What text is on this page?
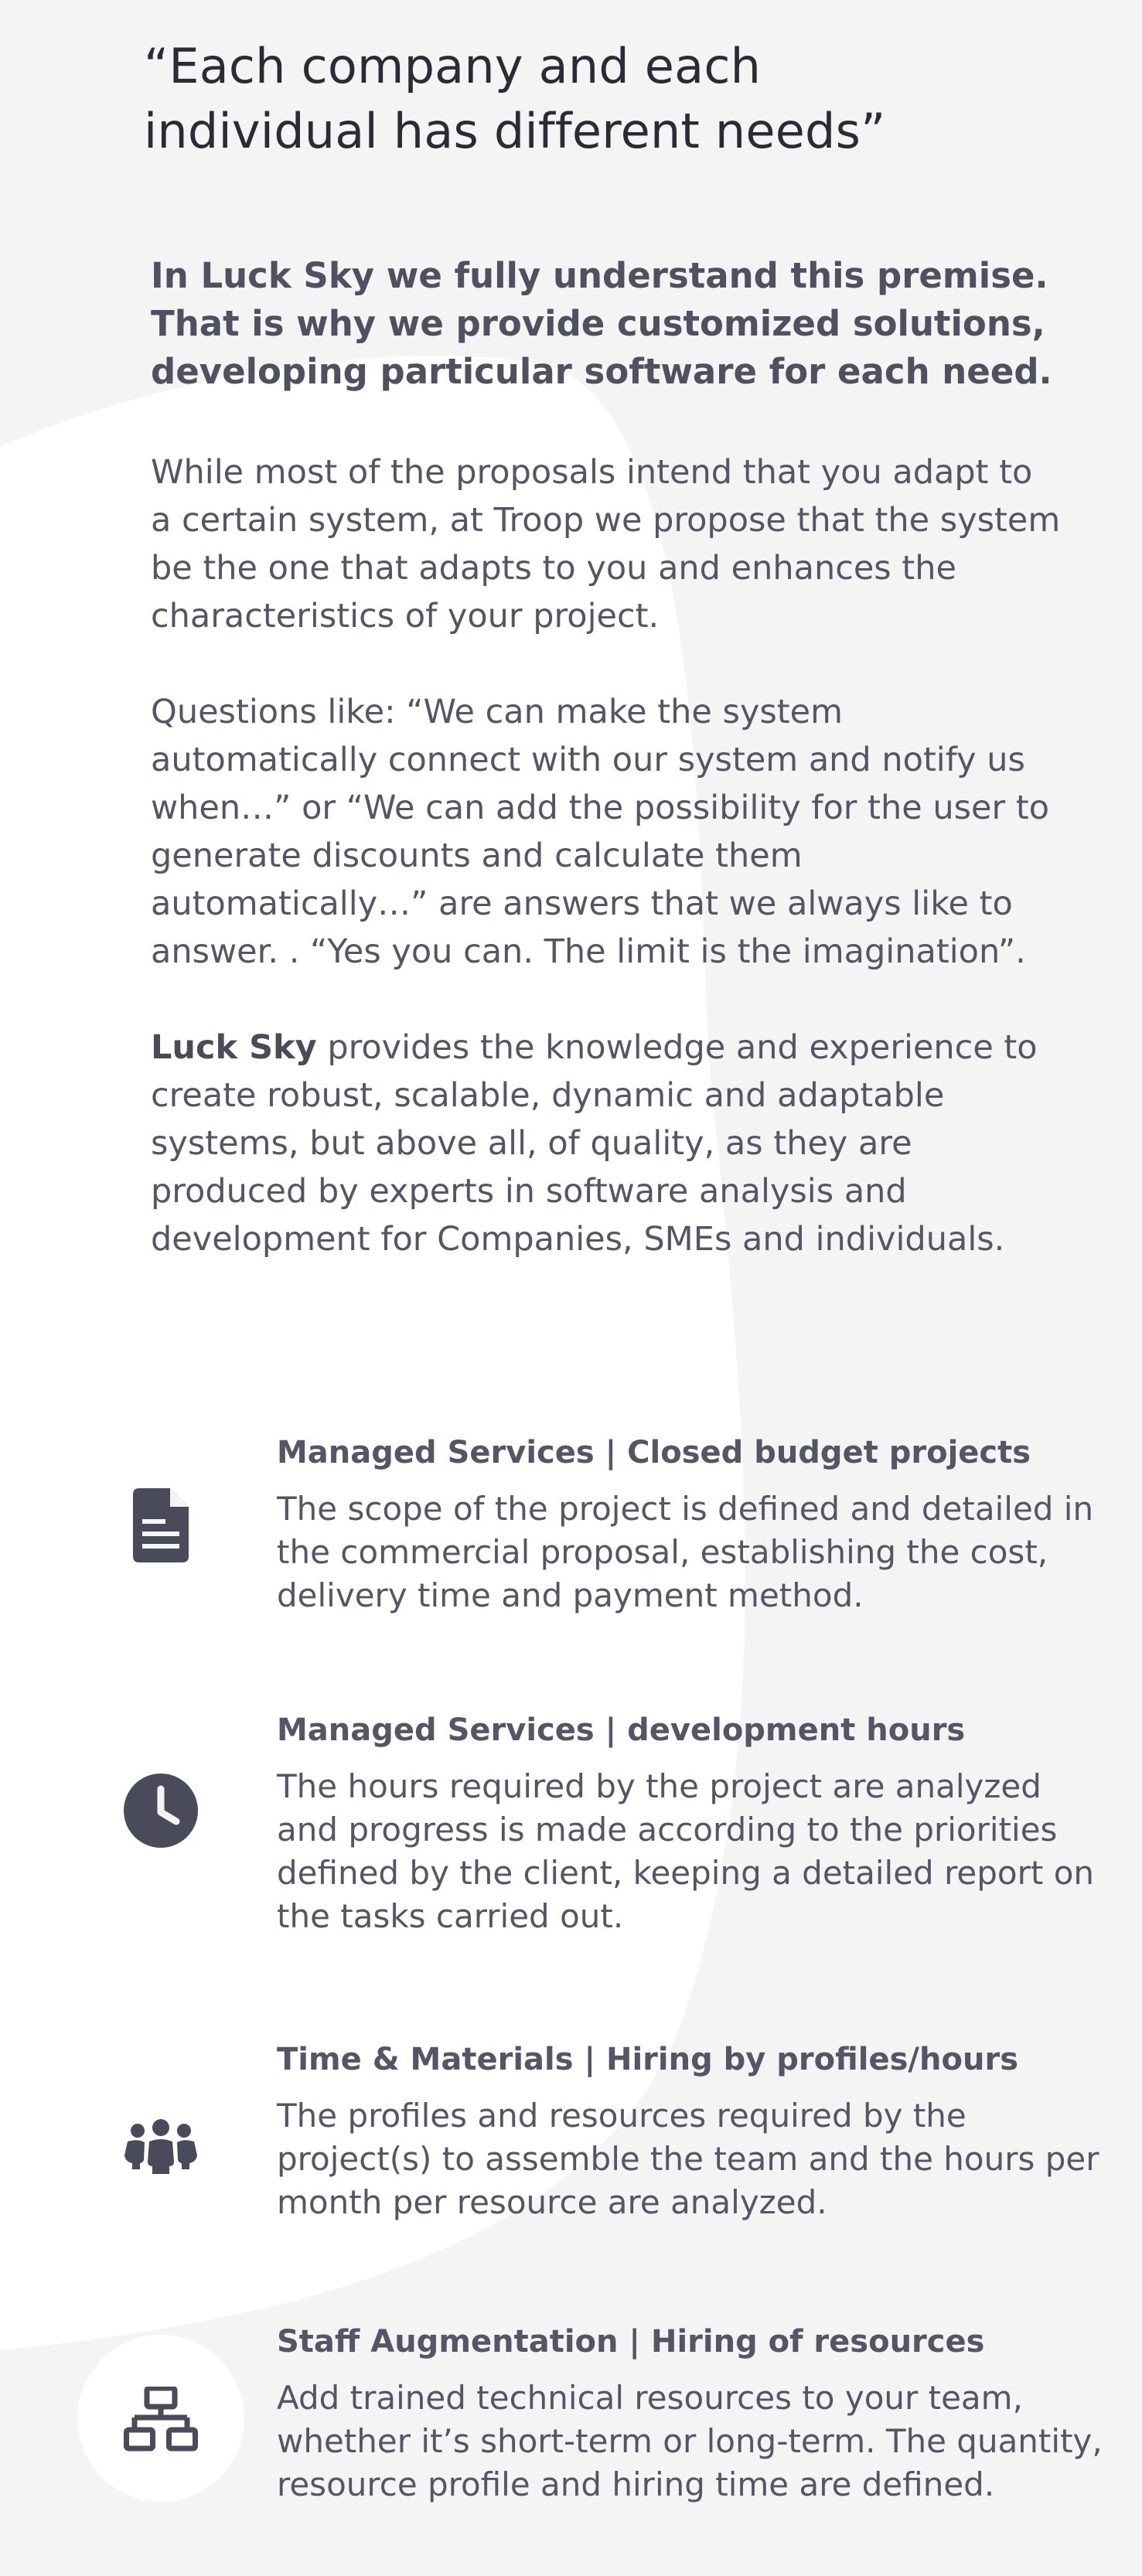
“Each company and each individual has different needs”

In Luck Sky we fully understand this premise. That is why we provide customized solutions, developing particular software for each need.

While most of the proposals intend that you adapt to a certain system, at Troop we propose that the system be the one that adapts to you and enhances the characteristics of your project.

Questions like: “We can make the system automatically connect with our system and notify us when…” or “We can add the possibility for the user to generate discounts and calculate them automatically…” are answers that we always like to answer. . “Yes you can. The limit is the imagination”.

Luck Sky provides the knowledge and experience to create robust, scalable, dynamic and adaptable systems, but above all, of quality, as they are produced by experts in software analysis and development for Companies, SMEs and individuals.

Managed Services | Closed budget projects

The scope of the project is defined and detailed in the commercial proposal, establishing the cost, delivery time and payment method.

Managed Services | development hours

The hours required by the project are analyzed and progress is made according to the priorities defined by the client, keeping a detailed report on the tasks carried out.

Time & Materials | Hiring by profiles/hours

The profiles and resources required by the project(s) to assemble the team and the hours per month per resource are analyzed.

Staff Augmentation | Hiring of resources

Add trained technical resources to your team, whether it’s short-term or long-term. The quantity, resource profile and hiring time are defined.
